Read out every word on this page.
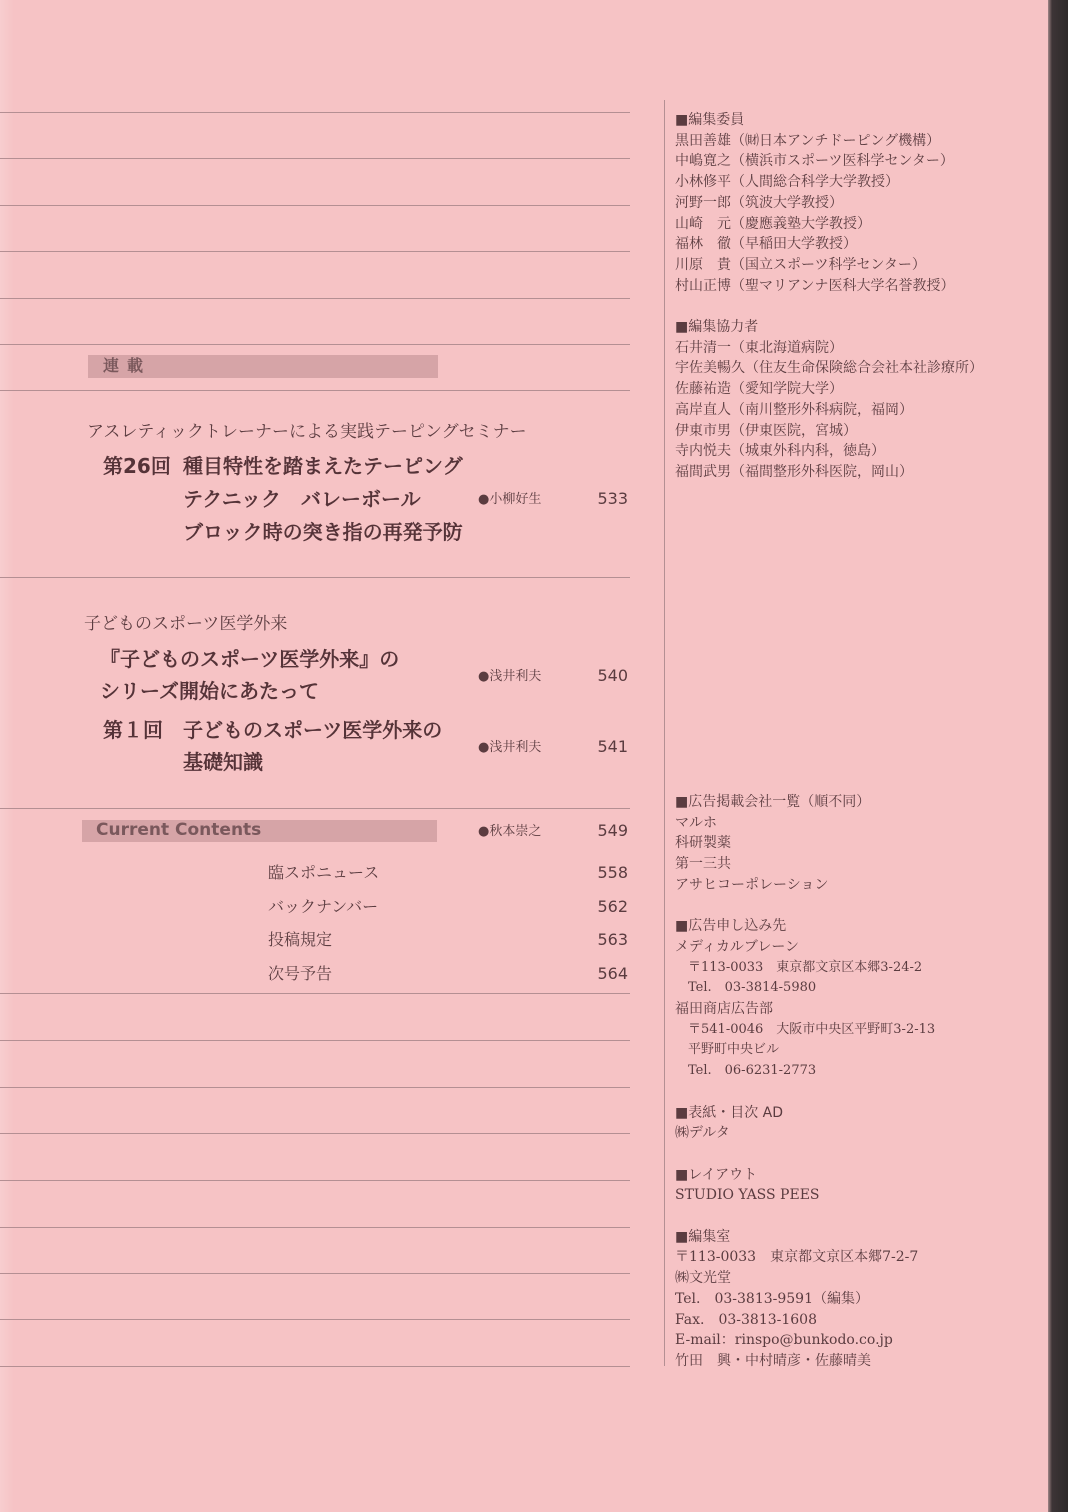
連載
アスレティックトレーナーによる実践テーピングセミナー
第26回 種目特性を踏まえたテーピング
テクニック　バレーボール
ブロック時の突き指の再発予防
●小柳好生	533
子どものスポーツ医学外来
『子どものスポーツ医学外来』の
シリーズ開始にあたって
●浅井利夫	540
第１回 子どものスポーツ医学外来の
基礎知識
●浅井利夫	541
Current Contents	●秋本崇之	549
臨スポニュース	558
バックナンバー	562
投稿規定	563
次号予告	564
■編集委員
黒田善雄（㈶日本アンチドーピング機構）
中嶋寛之（横浜市スポーツ医科学センター）
小林修平（人間総合科学大学教授）
河野一郎（筑波大学教授）
山崎　元（慶應義塾大学教授）
福林　徹（早稲田大学教授）
川原　貴（国立スポーツ科学センター）
村山正博（聖マリアンナ医科大学名誉教授）
■編集協力者
石井清一（東北海道病院）
宇佐美暢久（住友生命保険総合会社本社診療所）
佐藤祐造（愛知学院大学）
高岸直人（南川整形外科病院，福岡）
伊東市男（伊東医院，宮城）
寺内悦夫（城東外科内科，徳島）
福間武男（福間整形外科医院，岡山）
■広告掲載会社一覧（順不同）
マルホ
科研製薬
第一三共
アサヒコーポレーション
■広告申し込み先
メディカルブレーン
〒113-0033　東京都文京区本郷3-24-2
Tel.　03-3814-5980
福田商店広告部
〒541-0046　大阪市中央区平野町3-2-13
平野町中央ビル
Tel.　06-6231-2773
■表紙・目次 AD
㈱デルタ
■レイアウト
STUDIO YASS PEES
■編集室
〒113-0033　東京都文京区本郷7-2-7
㈱文光堂
Tel.　03-3813-9591（編集）
Fax.　03-3813-1608
E-mail：rinspo@bunkodo.co.jp
竹田　興・中村晴彦・佐藤晴美
